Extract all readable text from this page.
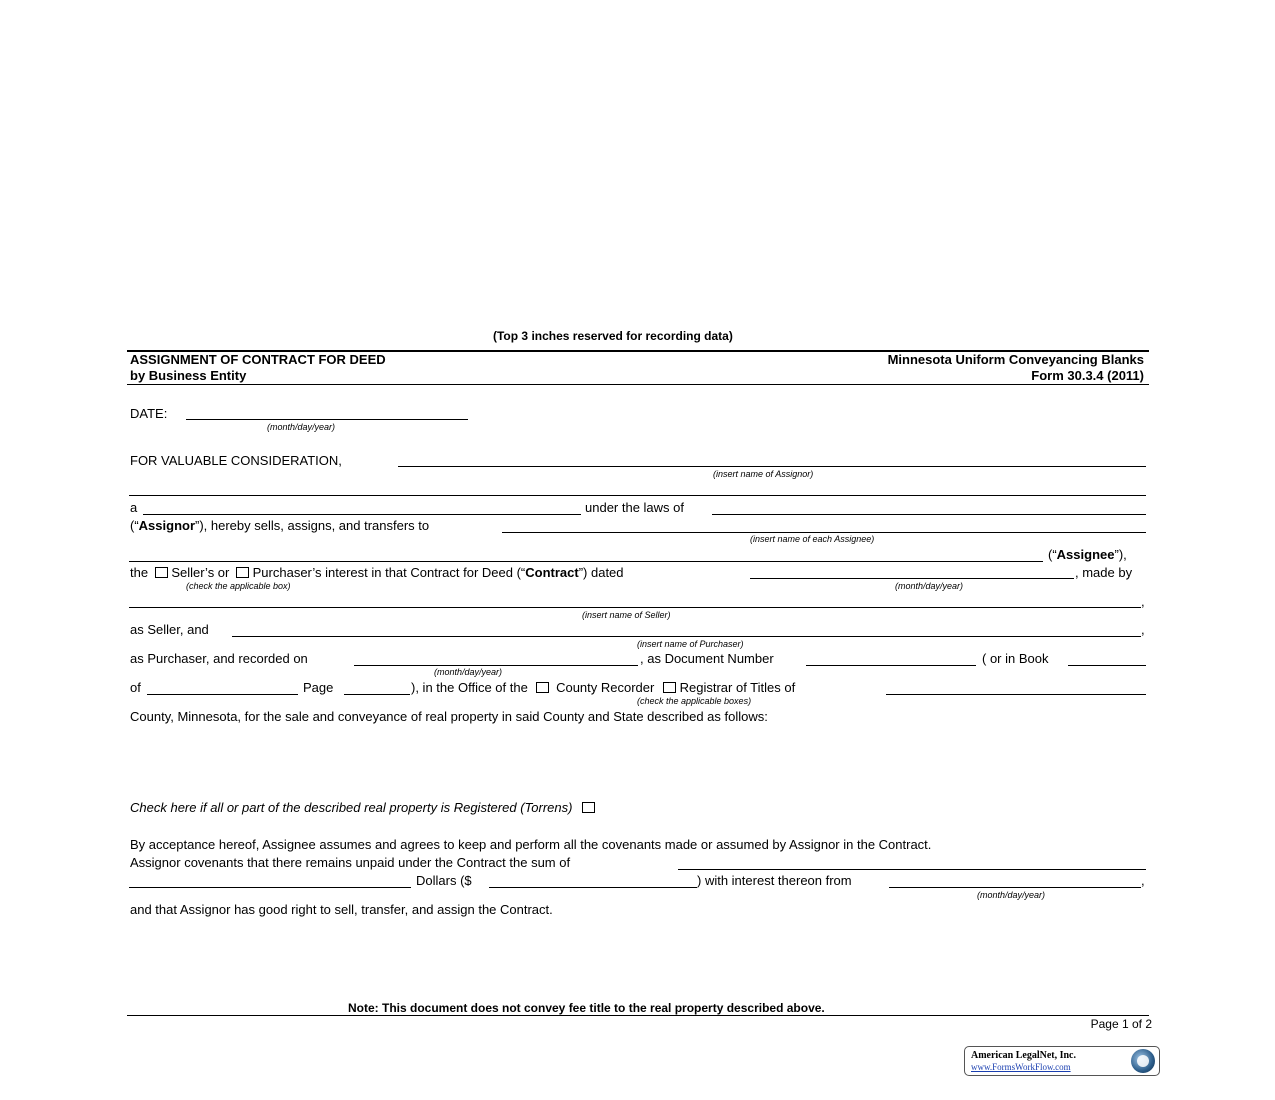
(Top 3 inches reserved for recording data)
ASSIGNMENT OF CONTRACT FOR DEED
by Business Entity
Minnesota Uniform Conveyancing Blanks
Form 30.3.4 (2011)
DATE:
(month/day/year)
FOR VALUABLE CONSIDERATION,
(insert name of Assignor)
a	under the laws of
(“Assignor”), hereby sells, assigns, and transfers to
(insert name of each Assignee)
(“Assignee”),
the Seller’s or Purchaser’s interest in that Contract for Deed (“Contract”) dated	, made by
(check the applicable box)	(month/day/year)
,
(insert name of Seller)
as Seller, and	,
(insert name of Purchaser)
as Purchaser, and recorded on	, as Document Number	( or in Book
(month/day/year)
of	Page	), in the Office of the County Recorder Registrar of Titles of
(check the applicable boxes)
County, Minnesota, for the sale and conveyance of real property in said County and State described as follows:
Check here if all or part of the described real property is Registered (Torrens)
By acceptance hereof, Assignee assumes and agrees to keep and perform all the covenants made or assumed by Assignor in the Contract.
Assignor covenants that there remains unpaid under the Contract the sum of
Dollars ($	) with interest thereon from	,
(month/day/year)
and that Assignor has good right to sell, transfer, and assign the Contract.
Note: This document does not convey fee title to the real property described above.
Page 1 of 2
American LegalNet, Inc.
www.FormsWorkFlow.com
